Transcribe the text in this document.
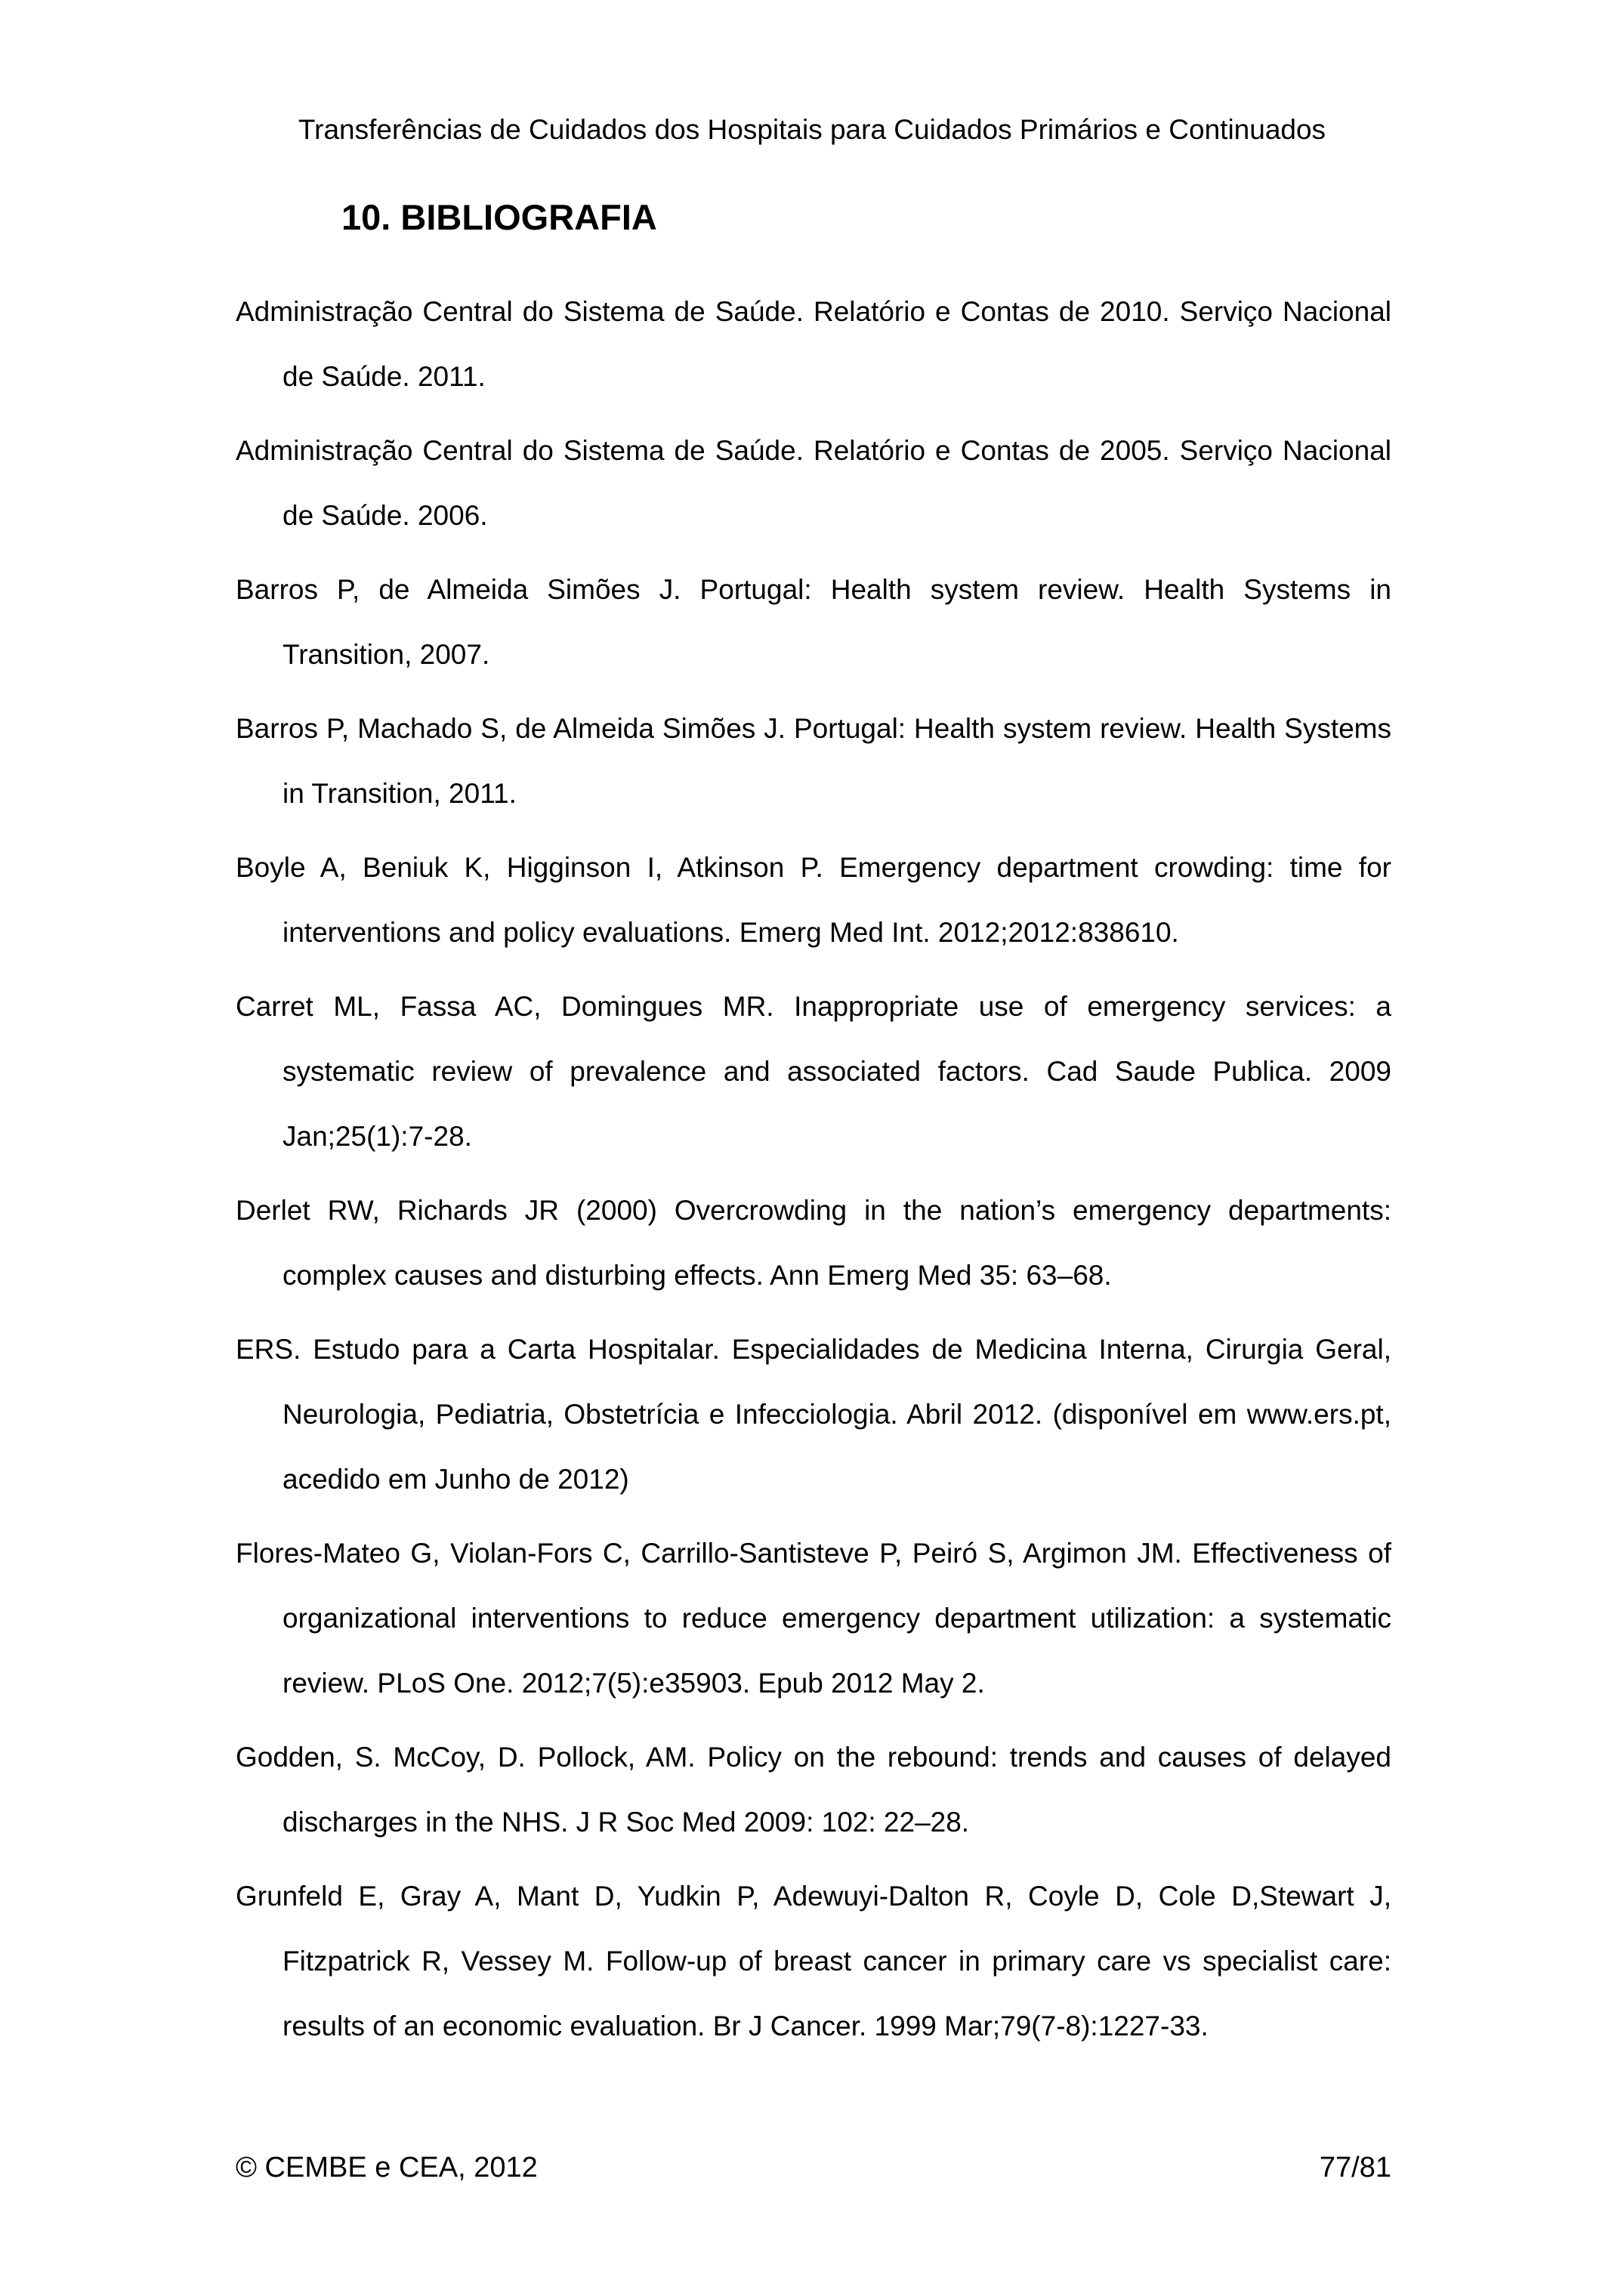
Transferências de Cuidados dos Hospitais para Cuidados Primários e Continuados
10. BIBLIOGRAFIA

Administração Central do Sistema de Saúde. Relatório e Contas de 2010. Serviço Nacional de Saúde. 2011.

Administração Central do Sistema de Saúde. Relatório e Contas de 2005. Serviço Nacional de Saúde. 2006.

Barros P, de Almeida Simões J. Portugal: Health system review. Health Systems in Transition, 2007.

Barros P, Machado S, de Almeida Simões J. Portugal: Health system review. Health Systems in Transition, 2011.

Boyle A, Beniuk K, Higginson I, Atkinson P. Emergency department crowding: time for interventions and policy evaluations. Emerg Med Int. 2012;2012:838610.

Carret ML, Fassa AC, Domingues MR. Inappropriate use of emergency services: a systematic review of prevalence and associated factors. Cad Saude Publica. 2009 Jan;25(1):7-28.

Derlet RW, Richards JR (2000) Overcrowding in the nation’s emergency departments: complex causes and disturbing effects. Ann Emerg Med 35: 63–68.

ERS. Estudo para a Carta Hospitalar. Especialidades de Medicina Interna, Cirurgia Geral, Neurologia, Pediatria, Obstetrícia e Infecciologia. Abril 2012. (disponível em www.ers.pt, acedido em Junho de 2012)

Flores-Mateo G, Violan-Fors C, Carrillo-Santisteve P, Peiró S, Argimon JM. Effectiveness of organizational interventions to reduce emergency department utilization: a systematic review. PLoS One. 2012;7(5):e35903. Epub 2012 May 2.

Godden, S. McCoy, D. Pollock, AM. Policy on the rebound: trends and causes of delayed discharges in the NHS. J R Soc Med 2009: 102: 22–28.

Grunfeld E, Gray A, Mant D, Yudkin P, Adewuyi-Dalton R, Coyle D, Cole D,Stewart J, Fitzpatrick R, Vessey M. Follow-up of breast cancer in primary care vs specialist care: results of an economic evaluation. Br J Cancer. 1999 Mar;79(7-8):1227-33.

© CEMBE e CEA, 2012	77/81
